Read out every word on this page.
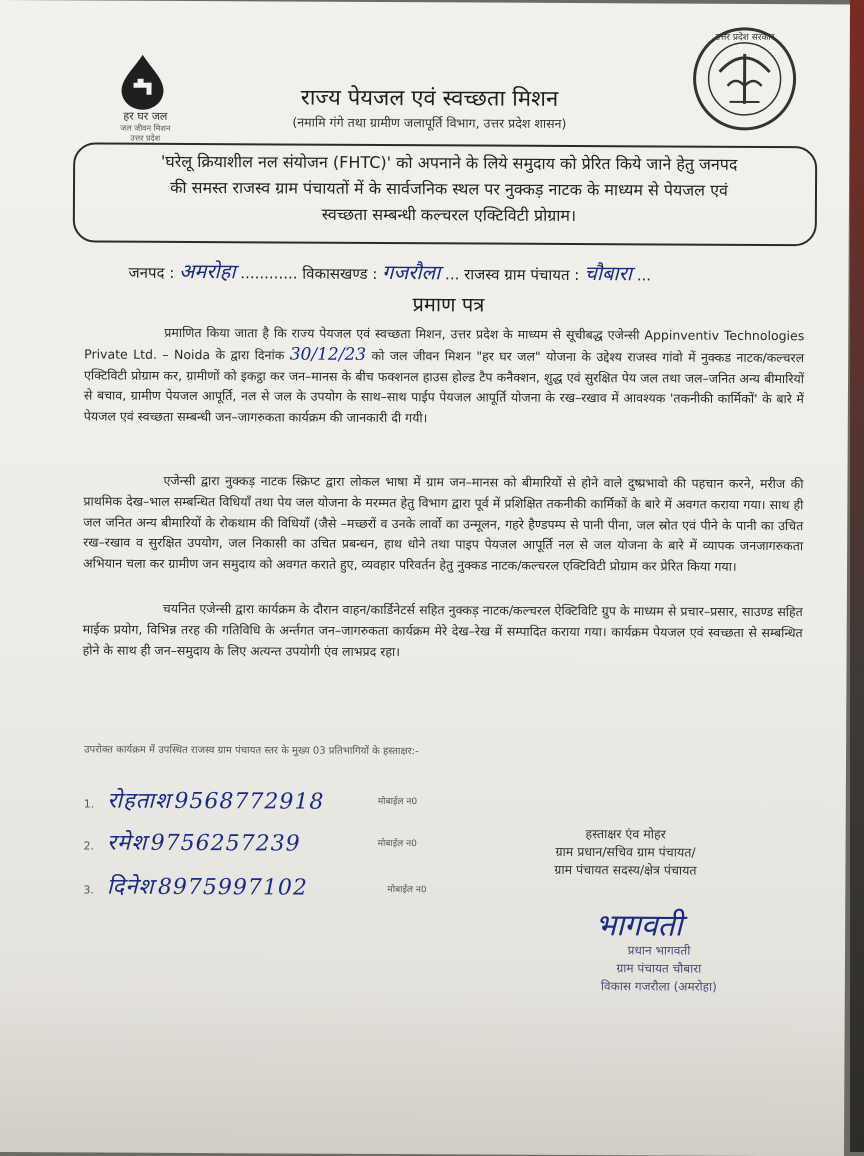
हर घर जल
जल जीवन मिशन
उत्तर प्रदेश
उत्तर प्रदेश सरकार
राज्य पेयजल एवं स्वच्छता मिशन
(नमामि गंगे तथा ग्रामीण जलापूर्ति विभाग, उत्तर प्रदेश शासन)
'घरेलू क्रियाशील नल संयोजन (FHTC)' को अपनाने के लिये समुदाय को प्रेरित किये जाने हेतु जनपद
की समस्त राजस्व ग्राम पंचायतों में के सार्वजनिक स्थल पर नुक्कड़ नाटक के माध्यम से पेयजल एवं
स्वच्छता सम्बन्धी कल्चरल एक्टिविटी प्रोग्राम।
जनपद : अमरोहा ............ विकासखण्ड : गजरौला ... राजस्व ग्राम पंचायत : चौबारा ...
प्रमाण पत्र
प्रमाणित किया जाता है कि राज्य पेयजल एवं स्वच्छता मिशन, उत्तर प्रदेश के माध्यम से सूचीबद्ध एजेन्सी Appinventiv Technologies Private Ltd. – Noida के द्वारा दिनांक 30/12/23 को जल जीवन मिशन "हर घर जल" योजना के उद्देश्य राजस्व गांवो में नुक्कड नाटक/कल्चरल एक्टिविटी प्रोग्राम कर, ग्रामीणों को इकट्ठा कर जन–मानस के बीच फक्शनल हाउस होल्ड टैप कनैक्शन, शुद्ध एवं सुरक्षित पेय जल तथा जल–जनित अन्य बीमारियों से बचाव, ग्रामीण पेयजल आपूर्ति, नल से जल के उपयोग के साथ–साथ पाईप पेयजल आपूर्ति योजना के रख–रखाव में आवश्यक 'तकनीकी कार्मिकों' के बारे में पेयजल एवं स्वच्छता सम्बन्धी जन–जागरुकता कार्यक्रम की जानकारी दी गयी।
एजेन्सी द्वारा नुक्कड़ नाटक स्क्रिप्ट द्वारा लोकल भाषा में ग्राम जन–मानस को बीमारियों से होने वाले दुष्प्रभावो की पहचान करने, मरीज की प्राथमिक देख–भाल सम्बन्धित विधियाँ तथा पेय जल योजना के मरम्मत हेतु विभाग द्वारा पूर्व में प्रशिक्षित तकनीकी कार्मिकों के बारे में अवगत कराया गया। साथ ही जल जनित अन्य बीमारियों के रोकथाम की विधियाँ (जैसे –मच्छरों व उनके लार्वो का उन्मूलन, गहरे हैण्डपम्प से पानी पीना, जल स्रोत एवं पीने के पानी का उचित रख–रखाव व सुरक्षित उपयोग, जल निकासी का उचित प्रबन्धन, हाथ धोने तथा पाइप पेयजल आपूर्ति नल से जल योजना के बारे में व्यापक जनजागरुकता अभियान चला कर ग्रामीण जन समुदाय को अवगत कराते हुए, व्यवहार परिवर्तन हेतु नुक्कड नाटक/कल्चरल एक्टिविटी प्रोग्राम कर प्रेरित किया गया।
चयनित एजेन्सी द्वारा कार्यक्रम के दौरान वाहन/कार्डिनेटर्स सहित नुक्कड़ नाटक/कल्चरल ऐक्टिविटि ग्रुप के माध्यम से प्रचार–प्रसार, साउण्ड सहित माईक प्रयोग, विभिन्न तरह की गतिविधि के अर्न्तगत जन–जागरुकता कार्यक्रम मेरे देख–रेख में सम्पादित कराया गया। कार्यक्रम पेयजल एवं स्वच्छता से सम्बन्धित होने के साथ ही जन–समुदाय के लिए अत्यन्त उपयोगी एंव लाभप्रद रहा।
उपरोक्त कार्यक्रम में उपस्थित राजस्व ग्राम पंचायत स्तर के मुख्य 03 प्रतिभागियों के हस्ताक्षर:-
1. रोहताश 9568772918	मोबाईल न0
2. रमेश 9756257239	मोबाईल न0
3. दिनेश 8975997102	मोबाईल न0
हस्ताक्षर एंव मोहर
ग्राम प्रधान/सचिव ग्राम पंचायत/
ग्राम पंचायत सदस्य/क्षेत्र पंचायत
भागवती
प्रधान भागवती
ग्राम पंचायत चौबारा
विकास गजरौला (अमरोहा)
